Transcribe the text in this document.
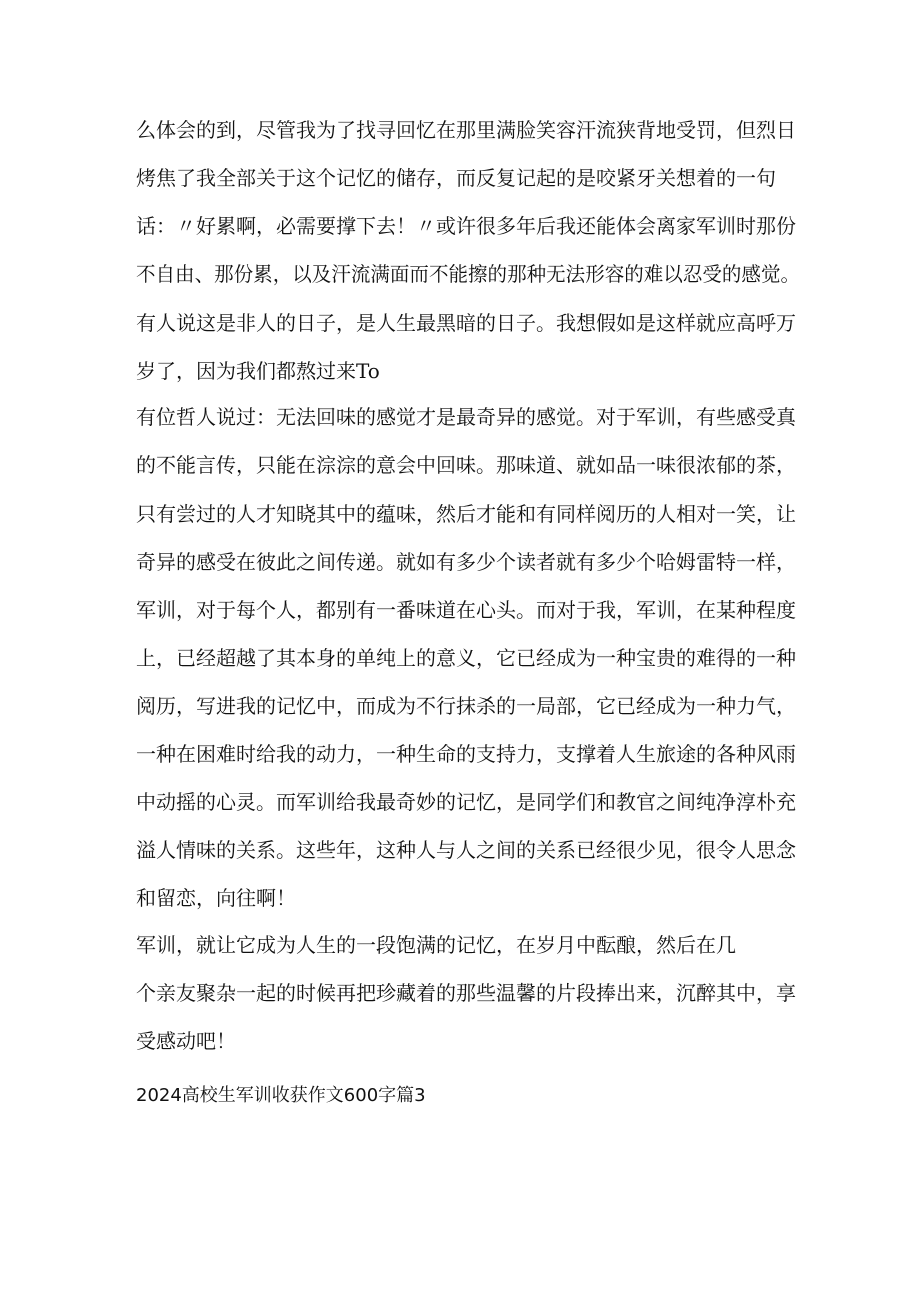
么体会的到，尽管我为了找寻回忆在那里满脸笑容汗流狭背地受罚，但烈日
烤焦了我全部关于这个记忆的储存，而反复记起的是咬紧牙关想着的一句
话：〃好累啊，必需要撑下去！〃或许很多年后我还能体会离家军训时那份
不自由、那份累，以及汗流满面而不能擦的那种无法形容的难以忍受的感觉。
有人说这是非人的日子，是人生最黑暗的日子。我想假如是这样就应高呼万
岁了，因为我们都熬过来To
有位哲人说过：无法回味的感觉才是最奇异的感觉。对于军训，有些感受真
的不能言传，只能在淙淙的意会中回味。那味道、就如品一味很浓郁的茶，
只有尝过的人才知晓其中的蕴味，然后才能和有同样阅历的人相对一笑，让
奇异的感受在彼此之间传递。就如有多少个读者就有多少个哈姆雷特一样，
军训，对于每个人，都别有一番味道在心头。而对于我，军训，在某种程度
上，已经超越了其本身的单纯上的意义，它已经成为一种宝贵的难得的一种
阅历，写进我的记忆中，而成为不行抹杀的一局部，它已经成为一种力气，
一种在困难时给我的动力，一种生命的支持力，支撑着人生旅途的各种风雨
中动摇的心灵。而军训给我最奇妙的记忆，是同学们和教官之间纯净淳朴充
溢人情味的关系。这些年，这种人与人之间的关系已经很少见，很令人思念
和留恋，向往啊！
军训，就让它成为人生的一段饱满的记忆，在岁月中酝酿，然后在几
个亲友聚杂一起的时候再把珍藏着的那些温馨的片段捧出来，沉醉其中，享
受感动吧！
2024高校生军训收获作文600字篇3
